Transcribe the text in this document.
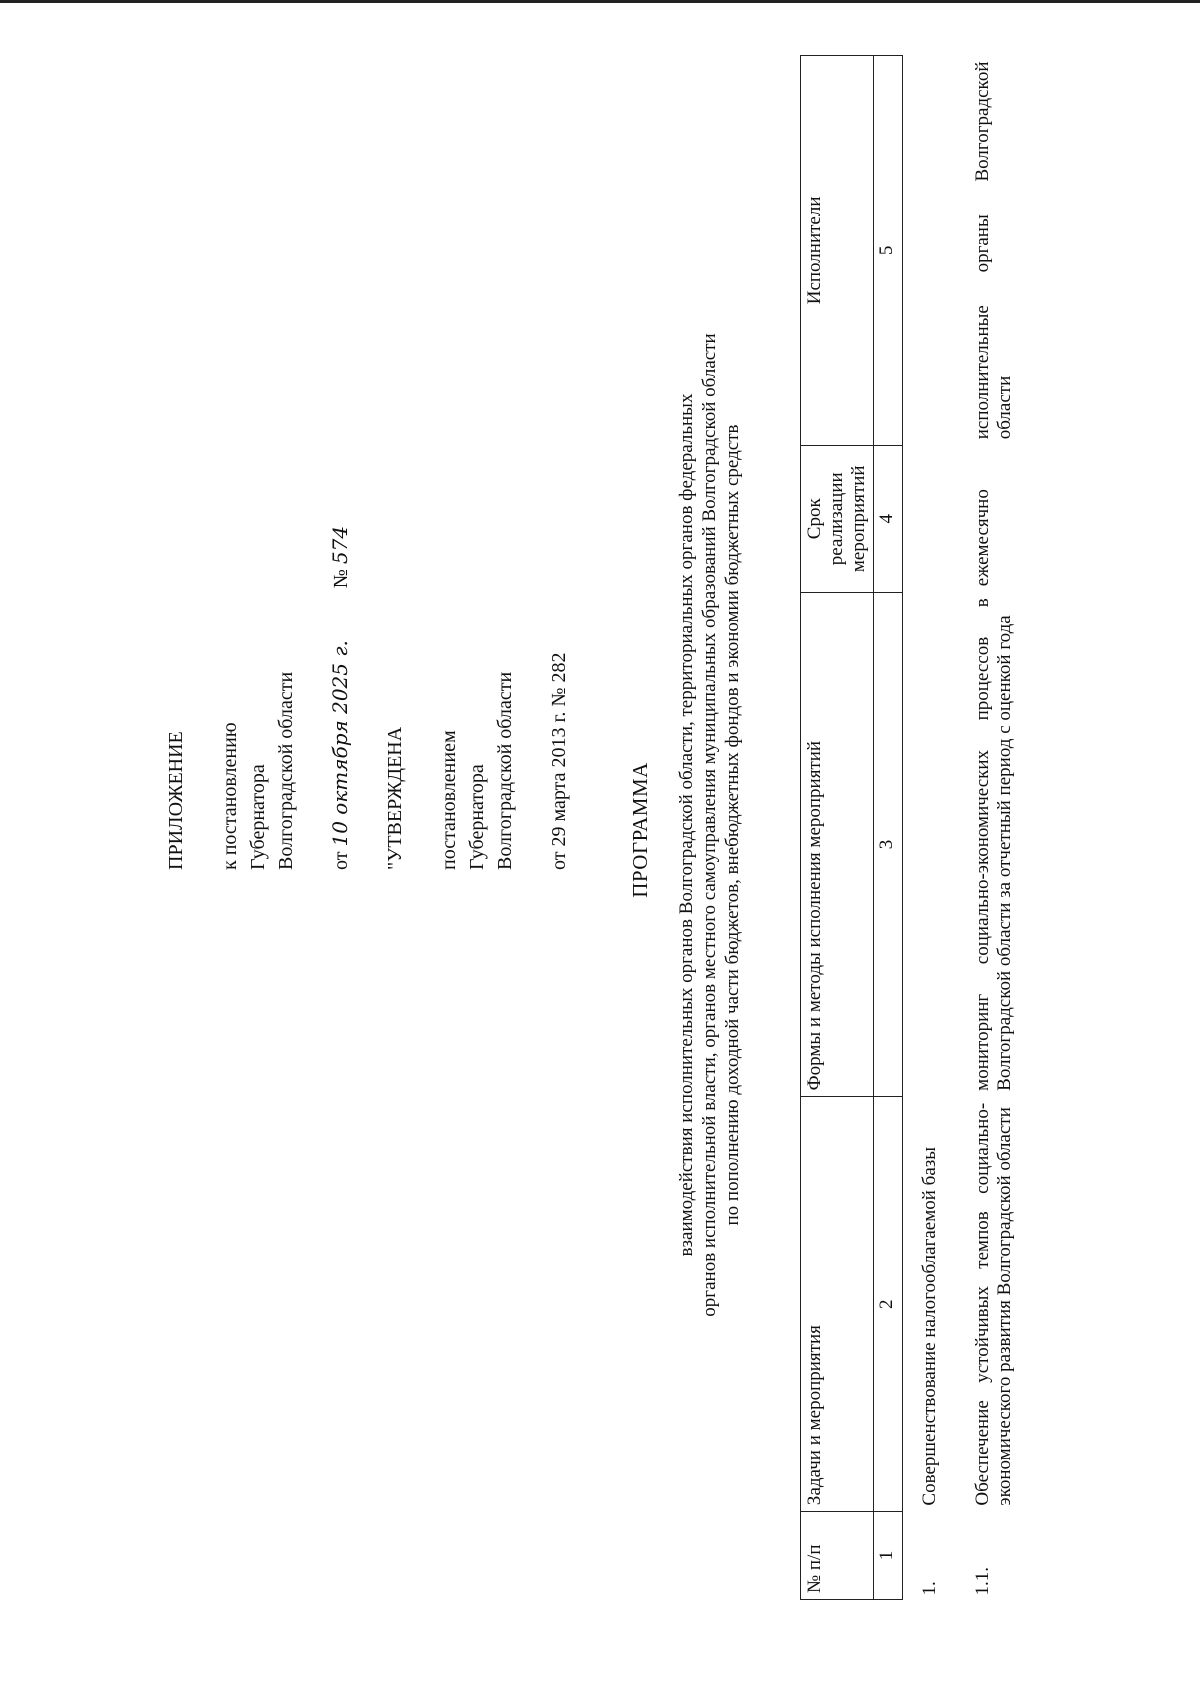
ПРИЛОЖЕНИЕ к постановлению Губернатора Волгоградской области от 10 октября 2025 г.  № 574
"УТВЕРЖДЕНА постановлением Губернатора Волгоградской области от 29 марта 2013 г. № 282	ПРОГРАММА взаимодействия исполнительных органов Волгоградской области, территориальных органов федеральных органов исполнительной власти, органов местного самоуправления муниципальных образований Волгоградской области по пополнению доходной части бюджетов, внебюджетных фондов и экономии бюджетных средств
№ п/п	Задачи и мероприятия	Формы и методы исполнения мероприятий	Срок реализации мероприятий	Исполнители
1	2	3	4	5
1.	Совершенствование налогооблагаемой базы			
1.1.	Обеспечение устойчивых темпов социально-экономического развития Волгоградской области	мониторинг социально-экономических процессов в Волгоградской области за отчетный период с оценкой года	ежемесячно	исполнительные органы Волгоградской области
